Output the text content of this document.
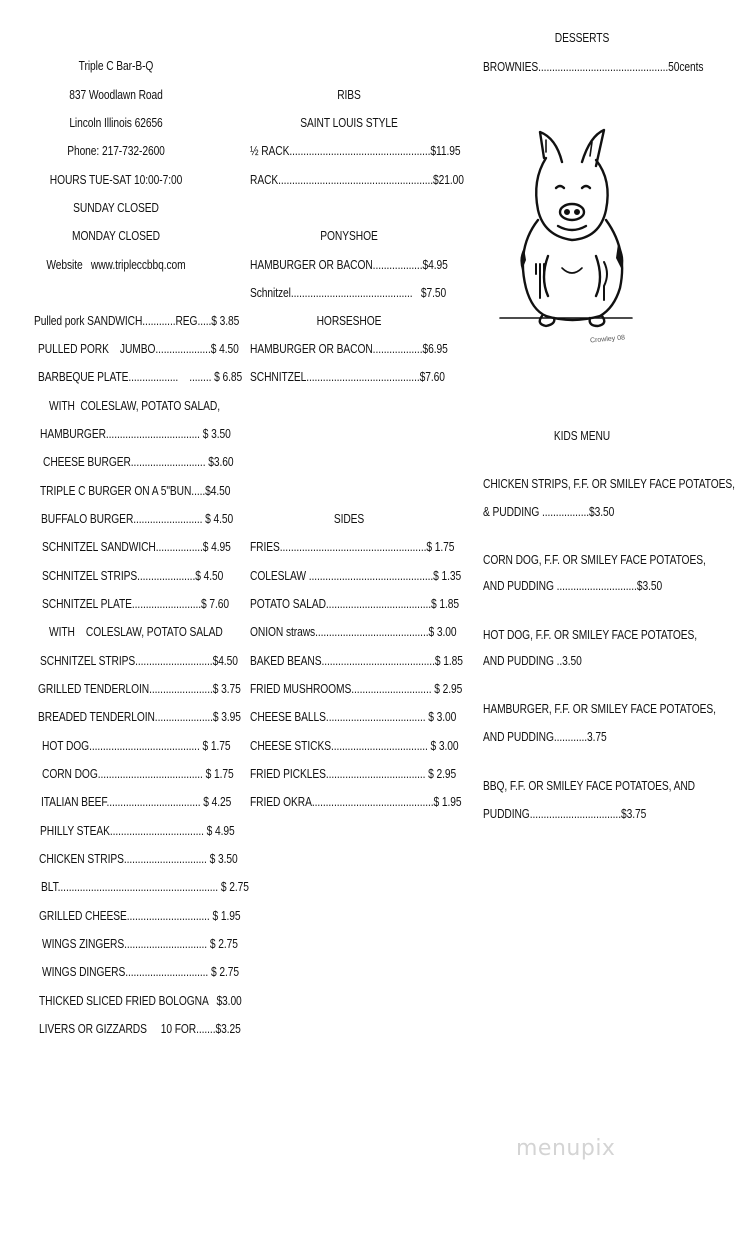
Triple C Bar-B-Q
837 Woodlawn Road
Lincoln Illinois 62656
Phone: 217-732-2600
HOURS TUE-SAT 10:00-7:00
SUNDAY CLOSED
MONDAY CLOSED
Website   www.tripleccbbq.com
Pulled pork SANDWICH............REG.....$ 3.85
PULLED PORK    JUMBO....................$ 4.50
BARBEQUE PLATE..................    ........ $ 6.85
WITH  COLESLAW, POTATO SALAD,
HAMBURGER.................................. $ 3.50
CHEESE BURGER........................... $3.60
TRIPLE C BURGER ON A 5"BUN.....$4.50
BUFFALO BURGER......................... $ 4.50
SCHNITZEL SANDWICH.................$ 4.95
SCHNITZEL STRIPS.....................$ 4.50
SCHNITZEL PLATE.........................$ 7.60
WITH    COLESLAW, POTATO SALAD
SCHNITZEL STRIPS............................$4.50
GRILLED TENDERLOIN.......................$ 3.75
BREADED TENDERLOIN.....................$ 3.95
HOT DOG........................................ $ 1.75
CORN DOG...................................... $ 1.75
ITALIAN BEEF.................................. $ 4.25
PHILLY STEAK.................................. $ 4.95
CHICKEN STRIPS.............................. $ 3.50
BLT.......................................................... $ 2.75
GRILLED CHEESE.............................. $ 1.95
WINGS ZINGERS.............................. $ 2.75
WINGS DINGERS.............................. $ 2.75
THICKED SLICED FRIED BOLOGNA   $3.00
LIVERS OR GIZZARDS     10 FOR.......$3.25
RIBS
SAINT LOUIS STYLE
½ RACK...................................................$11.95
RACK........................................................$21.00
PONYSHOE
HAMBURGER OR BACON..................$4.95
Schnitzel............................................   $7.50
HORSESHOE
HAMBURGER OR BACON..................$6.95
SCHNITZEL.........................................$7.60
SIDES
FRIES.....................................................$ 1.75
COLESLAW .............................................$ 1.35
POTATO SALAD......................................$ 1.85
ONION straws.........................................$ 3.00
BAKED BEANS.........................................$ 1.85
FRIED MUSHROOMS............................. $ 2.95
CHEESE BALLS.................................... $ 3.00
CHEESE STICKS................................... $ 3.00
FRIED PICKLES.................................... $ 2.95
FRIED OKRA............................................$ 1.95
DESSERTS
BROWNIES...............................................50cents
Crowley 08
KIDS MENU
CHICKEN STRIPS, F.F. OR SMILEY FACE POTATOES,
& PUDDING .................$3.50
CORN DOG, F.F. OR SMILEY FACE POTATOES,
AND PUDDING .............................$3.50
HOT DOG, F.F. OR SMILEY FACE POTATOES,
AND PUDDING ..3.50
HAMBURGER, F.F. OR SMILEY FACE POTATOES,
AND PUDDING............3.75
BBQ, F.F. OR SMILEY FACE POTATOES, AND
PUDDING.................................$3.75
menupix
